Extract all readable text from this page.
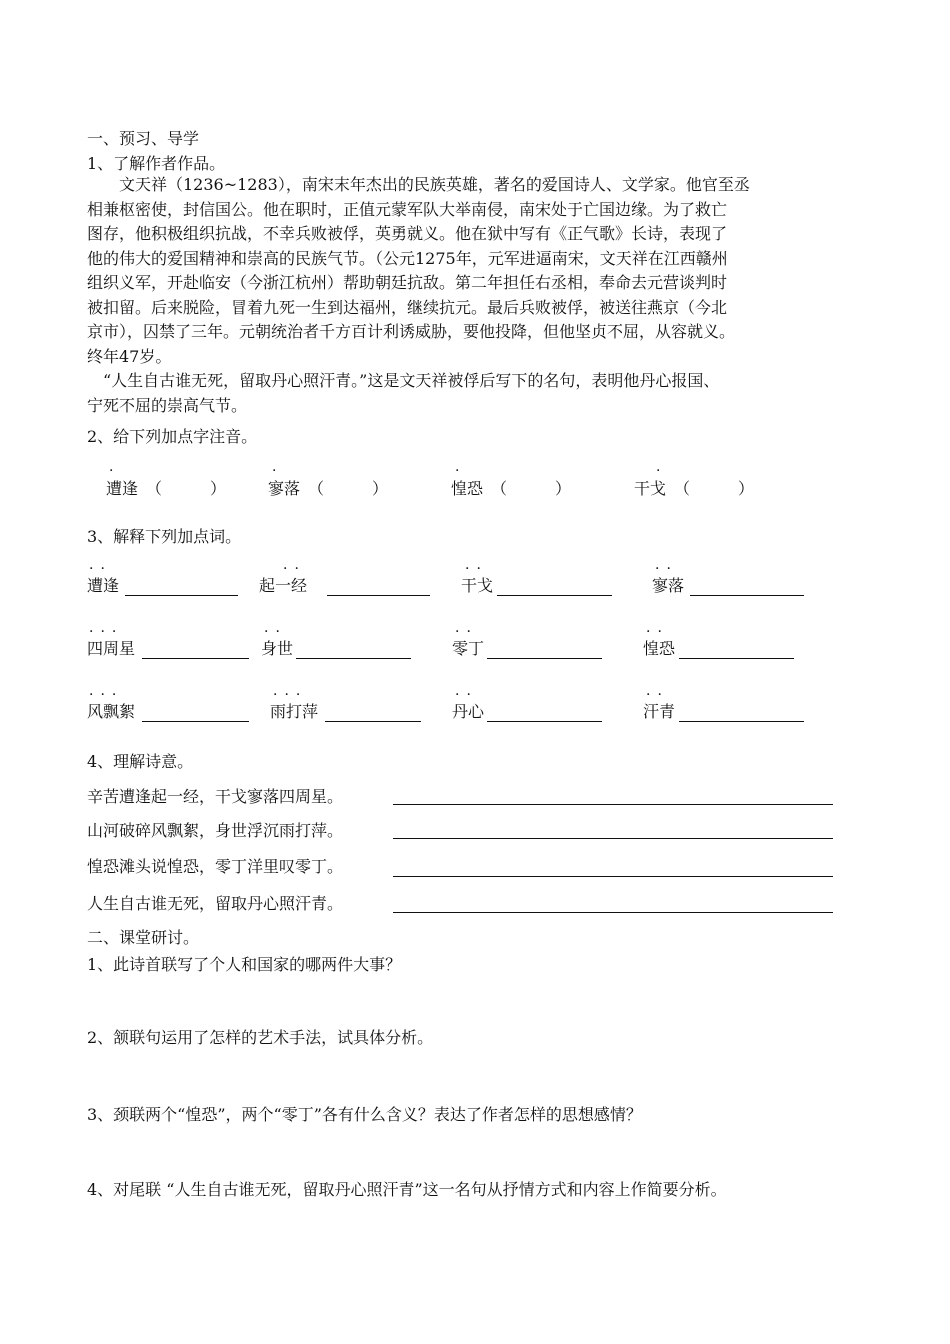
一、预习、导学
1、了解作者作品。
　　文天祥（1236~1283），南宋末年杰出的民族英雄，著名的爱国诗人、文学家。他官至丞
相兼枢密使，封信国公。他在职时，正值元蒙军队大举南侵，南宋处于亡国边缘。为了救亡
图存，他积极组织抗战，不幸兵败被俘，英勇就义。他在狱中写有《正气歌》长诗，表现了
他的伟大的爱国精神和崇高的民族气节。（公元1275年，元军进逼南宋，文天祥在江西赣州
组织义军，开赴临安（今浙江杭州）帮助朝廷抗敌。第二年担任右丞相，奉命去元营谈判时
被扣留。后来脱险，冒着九死一生到达福州，继续抗元。最后兵败被俘，被送往燕京（今北
京市），囚禁了三年。元朝统治者千方百计利诱威胁，要他投降，但他坚贞不屈，从容就义。
终年47岁。
　“人生自古谁无死，留取丹心照汗青。”这是文天祥被俘后写下的名句，表明他丹心报国、
宁死不屈的崇高气节。
2、给下列加点字注音。
·
遭逢 （　　　）
·
寥落 （　　　）
·
惶恐 （　　　）
·
干戈 （　　　）
3、解释下列加点词。
··
遭逢
··
起一经
··
干戈
··
寥落
···
四周星
··
身世
··
零丁
··
惶恐
···
风飘絮
···
雨打萍
··
丹心
··
汗青
4、理解诗意。
辛苦遭逢起一经，干戈寥落四周星。
山河破碎风飘絮，身世浮沉雨打萍。
惶恐滩头说惶恐，零丁洋里叹零丁。
人生自古谁无死，留取丹心照汗青。
二、课堂研讨。
1、此诗首联写了个人和国家的哪两件大事？
2、颔联句运用了怎样的艺术手法，试具体分析。
3、颈联两个“惶恐”，两个“零丁”各有什么含义？表达了作者怎样的思想感情？
4、对尾联 “人生自古谁无死，留取丹心照汗青”这一名句从抒情方式和内容上作简要分析。
